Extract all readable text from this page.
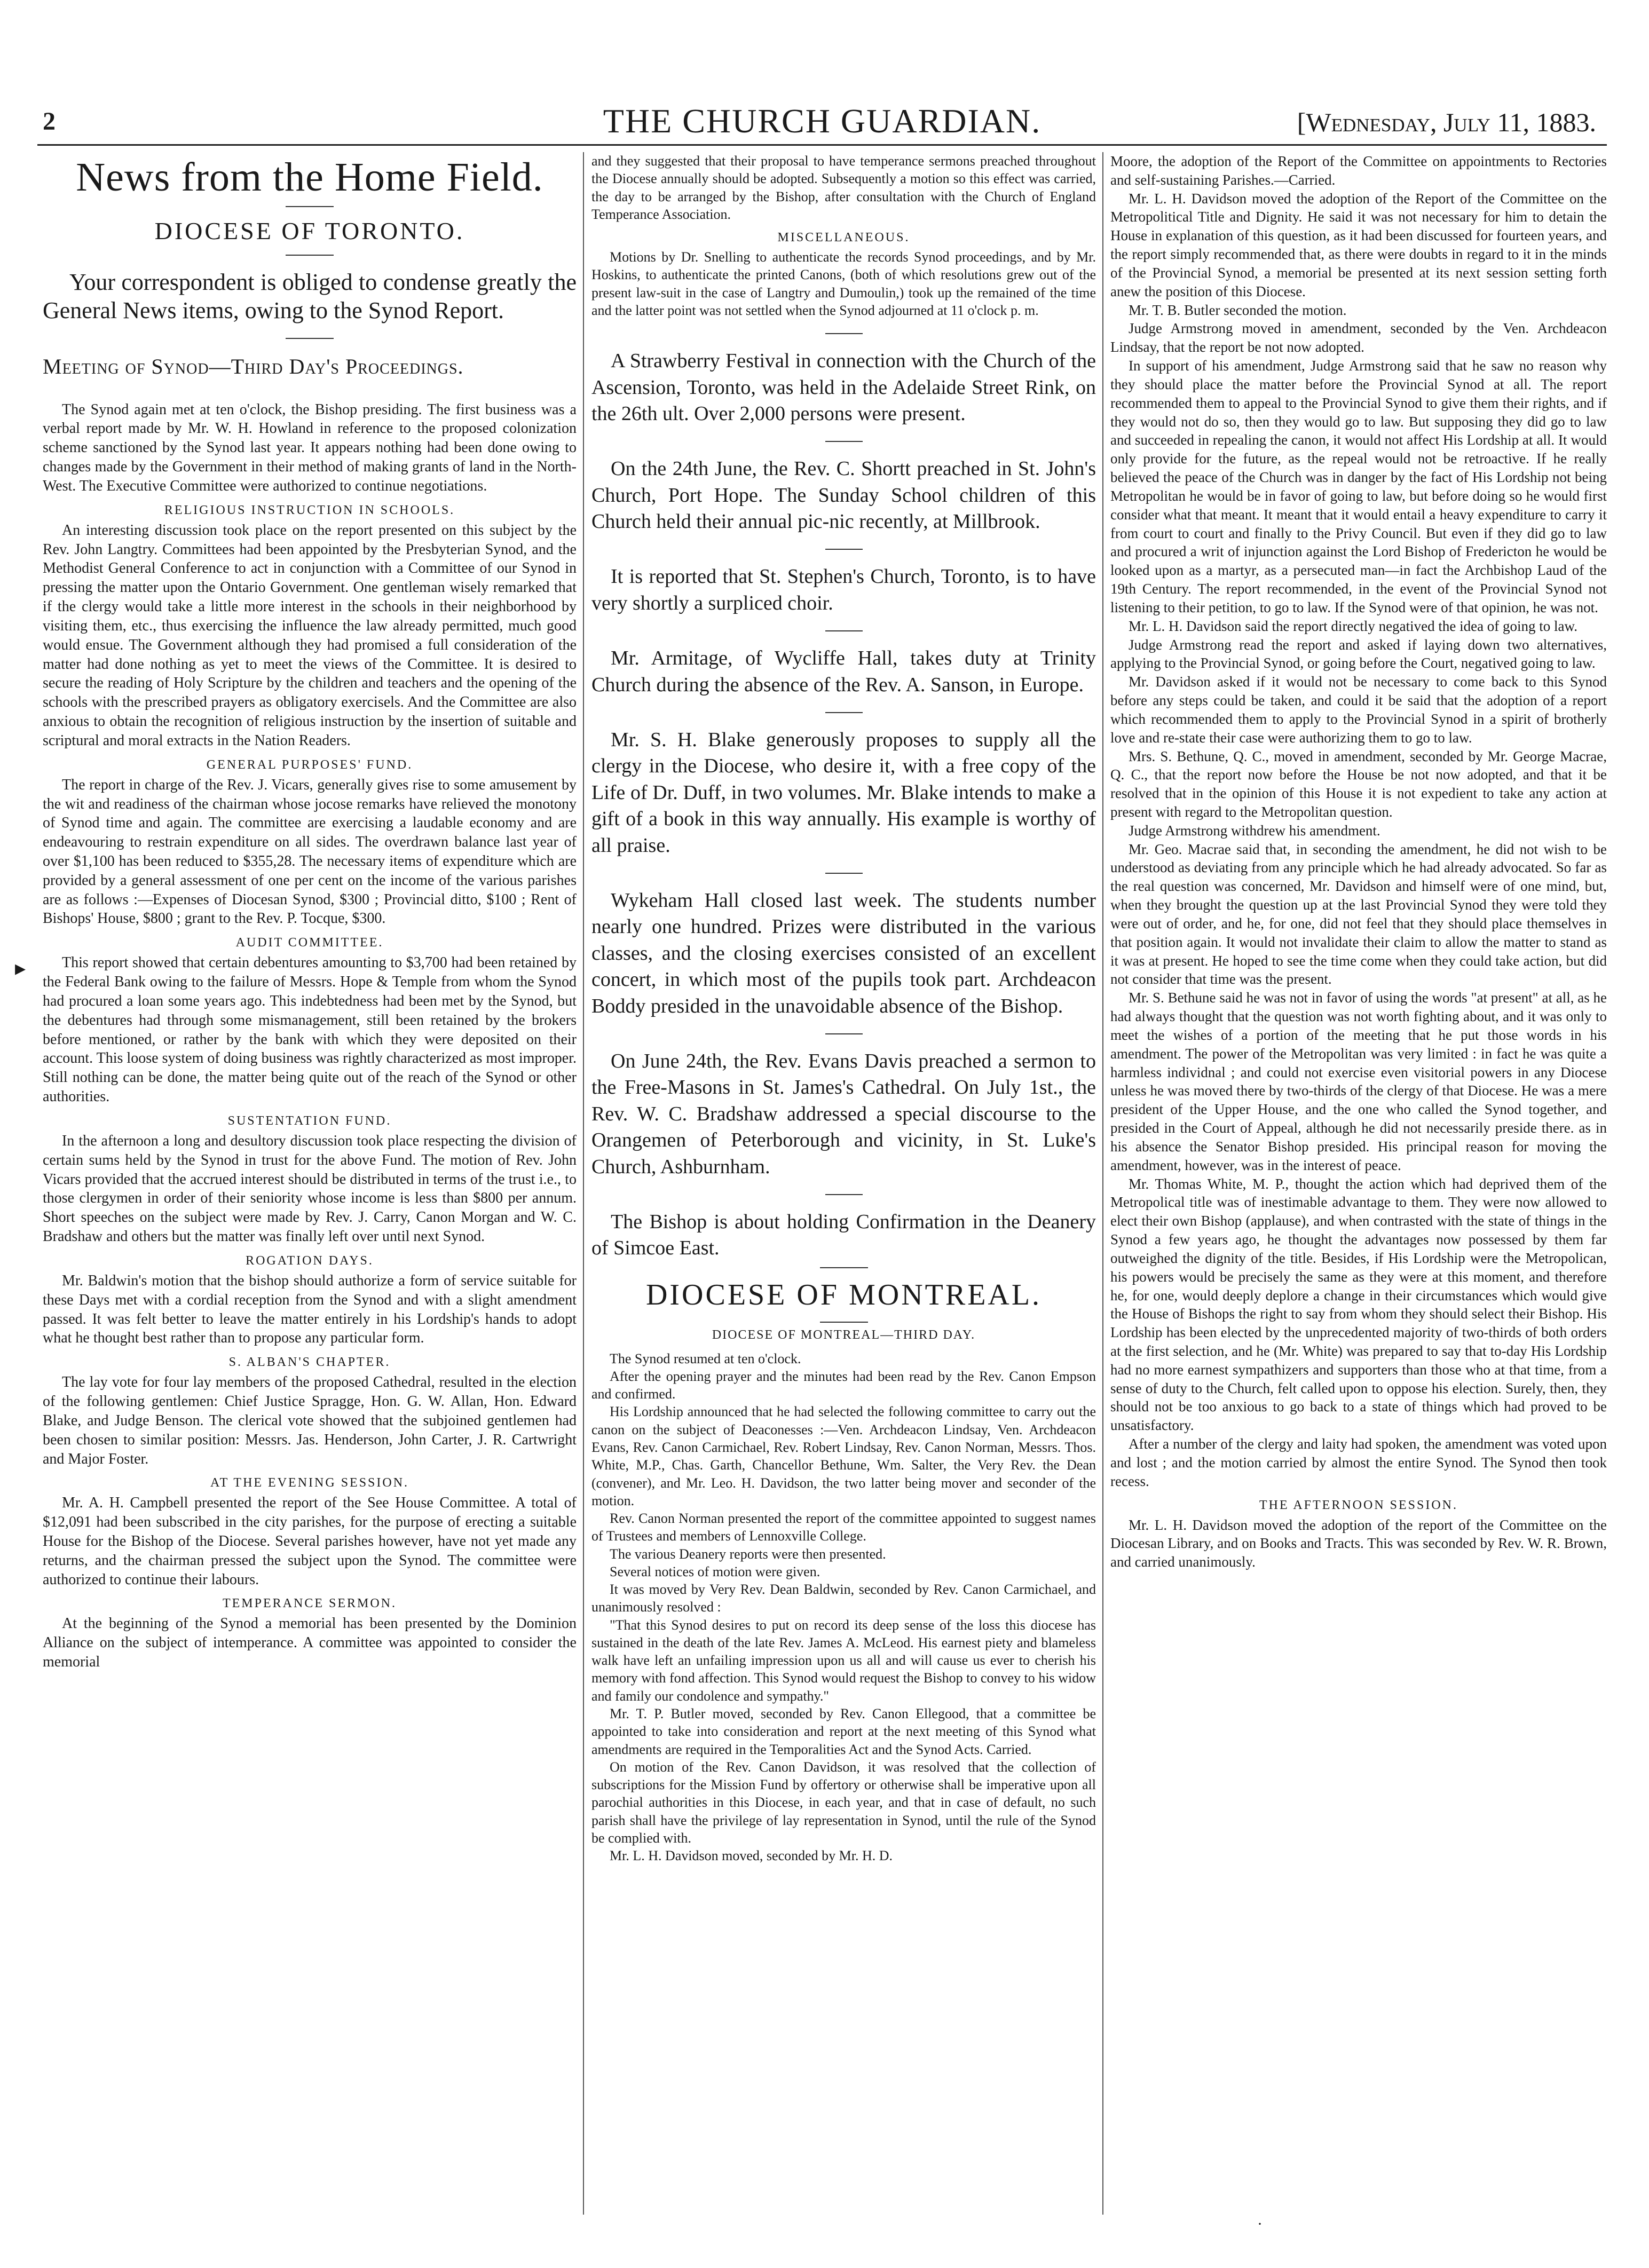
2	THE CHURCH GUARDIAN.	[Wednesday, July 11, 1883.
▸
News from the Home Field.
DIOCESE OF TORONTO.

Your correspondent is obliged to condense greatly the General News items, owing to the Synod Report.

Meeting of Synod—Third Day's Proceedings.

The Synod again met at ten o'clock, the Bishop presiding. The first business was a verbal report made by Mr. W. H. Howland in reference to the proposed colonization scheme sanctioned by the Synod last year. It appears nothing had been done owing to changes made by the Government in their method of making grants of land in the North-West. The Executive Committee were authorized to continue negotiations.

RELIGIOUS INSTRUCTION IN SCHOOLS.

An interesting discussion took place on the report presented on this subject by the Rev. John Langtry. Committees had been appointed by the Presbyterian Synod, and the Methodist General Conference to act in conjunction with a Committee of our Synod in pressing the matter upon the Ontario Government. One gentleman wisely remarked that if the clergy would take a little more interest in the schools in their neighborhood by visiting them, etc., thus exercising the influence the law already permitted, much good would ensue. The Government although they had promised a full consideration of the matter had done nothing as yet to meet the views of the Committee. It is desired to secure the reading of Holy Scripture by the children and teachers and the opening of the schools with the prescribed prayers as obligatory exercisels. And the Committee are also anxious to obtain the recognition of religious instruction by the insertion of suitable and scriptural and moral extracts in the Nation Readers.

GENERAL PURPOSES' FUND.

The report in charge of the Rev. J. Vicars, generally gives rise to some amusement by the wit and readiness of the chairman whose jocose remarks have relieved the monotony of Synod time and again. The committee are exercising a laudable economy and are endeavouring to restrain expenditure on all sides. The overdrawn balance last year of over $1,100 has been reduced to $355,28. The necessary items of expenditure which are provided by a general assessment of one per cent on the income of the various parishes are as follows :—Expenses of Diocesan Synod, $300 ; Provincial ditto, $100 ; Rent of Bishops' House, $800 ; grant to the Rev. P. Tocque, $300.

AUDIT COMMITTEE.

This report showed that certain debentures amounting to $3,700 had been retained by the Federal Bank owing to the failure of Messrs. Hope & Temple from whom the Synod had procured a loan some years ago. This indebtedness had been met by the Synod, but the debentures had through some mismanagement, still been retained by the brokers before mentioned, or rather by the bank with which they were deposited on their account. This loose system of doing business was rightly characterized as most improper. Still nothing can be done, the matter being quite out of the reach of the Synod or other authorities.

SUSTENTATION FUND.

In the afternoon a long and desultory discussion took place respecting the division of certain sums held by the Synod in trust for the above Fund. The motion of Rev. John Vicars provided that the accrued interest should be distributed in terms of the trust i.e., to those clergymen in order of their seniority whose income is less than $800 per annum. Short speeches on the subject were made by Rev. J. Carry, Canon Morgan and W. C. Bradshaw and others but the matter was finally left over until next Synod.

ROGATION DAYS.

Mr. Baldwin's motion that the bishop should authorize a form of service suitable for these Days met with a cordial reception from the Synod and with a slight amendment passed. It was felt better to leave the matter entirely in his Lordship's hands to adopt what he thought best rather than to propose any particular form.

S. ALBAN'S CHAPTER.

The lay vote for four lay members of the proposed Cathedral, resulted in the election of the following gentlemen: Chief Justice Spragge, Hon. G. W. Allan, Hon. Edward Blake, and Judge Benson. The clerical vote showed that the subjoined gentlemen had been chosen to similar position: Messrs. Jas. Henderson, John Carter, J. R. Cartwright and Major Foster.

AT THE EVENING SESSION.

Mr. A. H. Campbell presented the report of the See House Committee. A total of $12,091 had been subscribed in the city parishes, for the purpose of erecting a suitable House for the Bishop of the Diocese. Several parishes however, have not yet made any returns, and the chairman pressed the subject upon the Synod. The committee were authorized to continue their labours.

TEMPERANCE SERMON.

At the beginning of the Synod a memorial has been presented by the Dominion Alliance on the subject of intemperance. A committee was appointed to consider the memorial

and they suggested that their proposal to have temperance sermons preached throughout the Diocese annually should be adopted. Subsequently a motion so this effect was carried, the day to be arranged by the Bishop, after consultation with the Church of England Temperance Association.

MISCELLANEOUS.

Motions by Dr. Snelling to authenticate the records Synod proceedings, and by Mr. Hoskins, to authenticate the printed Canons, (both of which resolutions grew out of the present law-suit in the case of Langtry and Dumoulin,) took up the remained of the time and the latter point was not settled when the Synod adjourned at 11 o'clock p. m.

A Strawberry Festival in connection with the Church of the Ascension, Toronto, was held in the Adelaide Street Rink, on the 26th ult. Over 2,000 persons were present.

On the 24th June, the Rev. C. Shortt preached in St. John's Church, Port Hope. The Sunday School children of this Church held their annual pic-nic recently, at Millbrook.

It is reported that St. Stephen's Church, Toronto, is to have very shortly a surpliced choir.

Mr. Armitage, of Wycliffe Hall, takes duty at Trinity Church during the absence of the Rev. A. Sanson, in Europe.

Mr. S. H. Blake generously proposes to supply all the clergy in the Diocese, who desire it, with a free copy of the Life of Dr. Duff, in two volumes. Mr. Blake intends to make a gift of a book in this way annually. His example is worthy of all praise.

Wykeham Hall closed last week. The students number nearly one hundred. Prizes were distributed in the various classes, and the closing exercises consisted of an excellent concert, in which most of the pupils took part. Archdeacon Boddy presided in the unavoidable absence of the Bishop.

On June 24th, the Rev. Evans Davis preached a sermon to the Free-Masons in St. James's Cathedral. On July 1st., the Rev. W. C. Bradshaw addressed a special discourse to the Orangemen of Peterborough and vicinity, in St. Luke's Church, Ashburnham.

The Bishop is about holding Confirmation in the Deanery of Simcoe East.

DIOCESE OF MONTREAL.
DIOCESE OF MONTREAL—THIRD DAY.

The Synod resumed at ten o'clock.

After the opening prayer and the minutes had been read by the Rev. Canon Empson and confirmed.

His Lordship announced that he had selected the following committee to carry out the canon on the subject of Deaconesses :—Ven. Archdeacon Lindsay, Ven. Archdeacon Evans, Rev. Canon Carmichael, Rev. Robert Lindsay, Rev. Canon Norman, Messrs. Thos. White, M.P., Chas. Garth, Chancellor Bethune, Wm. Salter, the Very Rev. the Dean (convener), and Mr. Leo. H. Davidson, the two latter being mover and seconder of the motion.

Rev. Canon Norman presented the report of the committee appointed to suggest names of Trustees and members of Lennoxville College.

The various Deanery reports were then presented.

Several notices of motion were given.

It was moved by Very Rev. Dean Baldwin, seconded by Rev. Canon Carmichael, and unanimously resolved :

"That this Synod desires to put on record its deep sense of the loss this diocese has sustained in the death of the late Rev. James A. McLeod. His earnest piety and blameless walk have left an unfailing impression upon us all and will cause us ever to cherish his memory with fond affection. This Synod would request the Bishop to convey to his widow and family our condolence and sympathy."

Mr. T. P. Butler moved, seconded by Rev. Canon Ellegood, that a committee be appointed to take into consideration and report at the next meeting of this Synod what amendments are required in the Temporalities Act and the Synod Acts. Carried.

On motion of the Rev. Canon Davidson, it was resolved that the collection of subscriptions for the Mission Fund by offertory or otherwise shall be imperative upon all parochial authorities in this Diocese, in each year, and that in case of default, no such parish shall have the privilege of lay representation in Synod, until the rule of the Synod be complied with.

Mr. L. H. Davidson moved, seconded by Mr. H. D.

Moore, the adoption of the Report of the Committee on appointments to Rectories and self-sustaining Parishes.—Carried.

Mr. L. H. Davidson moved the adoption of the Report of the Committee on the Metropolitical Title and Dignity. He said it was not necessary for him to detain the House in explanation of this question, as it had been discussed for fourteen years, and the report simply recommended that, as there were doubts in regard to it in the minds of the Provincial Synod, a memorial be presented at its next session setting forth anew the position of this Diocese.

Mr. T. B. Butler seconded the motion.

Judge Armstrong moved in amendment, seconded by the Ven. Archdeacon Lindsay, that the report be not now adopted.

In support of his amendment, Judge Armstrong said that he saw no reason why they should place the matter before the Provincial Synod at all. The report recommended them to appeal to the Provincial Synod to give them their rights, and if they would not do so, then they would go to law. But supposing they did go to law and succeeded in repealing the canon, it would not affect His Lordship at all. It would only provide for the future, as the repeal would not be retroactive. If he really believed the peace of the Church was in danger by the fact of His Lordship not being Metropolitan he would be in favor of going to law, but before doing so he would first consider what that meant. It meant that it would entail a heavy expenditure to carry it from court to court and finally to the Privy Council. But even if they did go to law and procured a writ of injunction against the Lord Bishop of Fredericton he would be looked upon as a martyr, as a persecuted man—in fact the Archbishop Laud of the 19th Century. The report recommended, in the event of the Provincial Synod not listening to their petition, to go to law. If the Synod were of that opinion, he was not.

Mr. L. H. Davidson said the report directly negatived the idea of going to law.

Judge Armstrong read the report and asked if laying down two alternatives, applying to the Provincial Synod, or going before the Court, negatived going to law.

Mr. Davidson asked if it would not be necessary to come back to this Synod before any steps could be taken, and could it be said that the adoption of a report which recommended them to apply to the Provincial Synod in a spirit of brotherly love and re-state their case were authorizing them to go to law.

Mrs. S. Bethune, Q. C., moved in amendment, seconded by Mr. George Macrae, Q. C., that the report now before the House be not now adopted, and that it be resolved that in the opinion of this House it is not expedient to take any action at present with regard to the Metropolitan question.

Judge Armstrong withdrew his amendment.

Mr. Geo. Macrae said that, in seconding the amendment, he did not wish to be understood as deviating from any principle which he had already advocated. So far as the real question was concerned, Mr. Davidson and himself were of one mind, but, when they brought the question up at the last Provincial Synod they were told they were out of order, and he, for one, did not feel that they should place themselves in that position again. It would not invalidate their claim to allow the matter to stand as it was at present. He hoped to see the time come when they could take action, but did not consider that time was the present.

Mr. S. Bethune said he was not in favor of using the words "at present" at all, as he had always thought that the question was not worth fighting about, and it was only to meet the wishes of a portion of the meeting that he put those words in his amendment. The power of the Metropolitan was very limited : in fact he was quite a harmless individnal ; and could not exercise even visitorial powers in any Diocese unless he was moved there by two-thirds of the clergy of that Diocese. He was a mere president of the Upper House, and the one who called the Synod together, and presided in the Court of Appeal, although he did not necessarily preside there. as in his absence the Senator Bishop presided. His principal reason for moving the amendment, however, was in the interest of peace.

Mr. Thomas White, M. P., thought the action which had deprived them of the Metropolical title was of inestimable advantage to them. They were now allowed to elect their own Bishop (applause), and when contrasted with the state of things in the Synod a few years ago, he thought the advantages now possessed by them far outweighed the dignity of the title. Besides, if His Lordship were the Metropolican, his powers would be precisely the same as they were at this moment, and therefore he, for one, would deeply deplore a change in their circumstances which would give the House of Bishops the right to say from whom they should select their Bishop. His Lordship has been elected by the unprecedented majority of two-thirds of both orders at the first selection, and he (Mr. White) was prepared to say that to-day His Lordship had no more earnest sympathizers and supporters than those who at that time, from a sense of duty to the Church, felt called upon to oppose his election. Surely, then, they should not be too anxious to go back to a state of things which had proved to be unsatisfactory.

After a number of the clergy and laity had spoken, the amendment was voted upon and lost ; and the motion carried by almost the entire Synod. The Synod then took recess.

THE AFTERNOON SESSION.

Mr. L. H. Davidson moved the adoption of the report of the Committee on the Diocesan Library, and on Books and Tracts. This was seconded by Rev. W. R. Brown, and carried unanimously.

·
